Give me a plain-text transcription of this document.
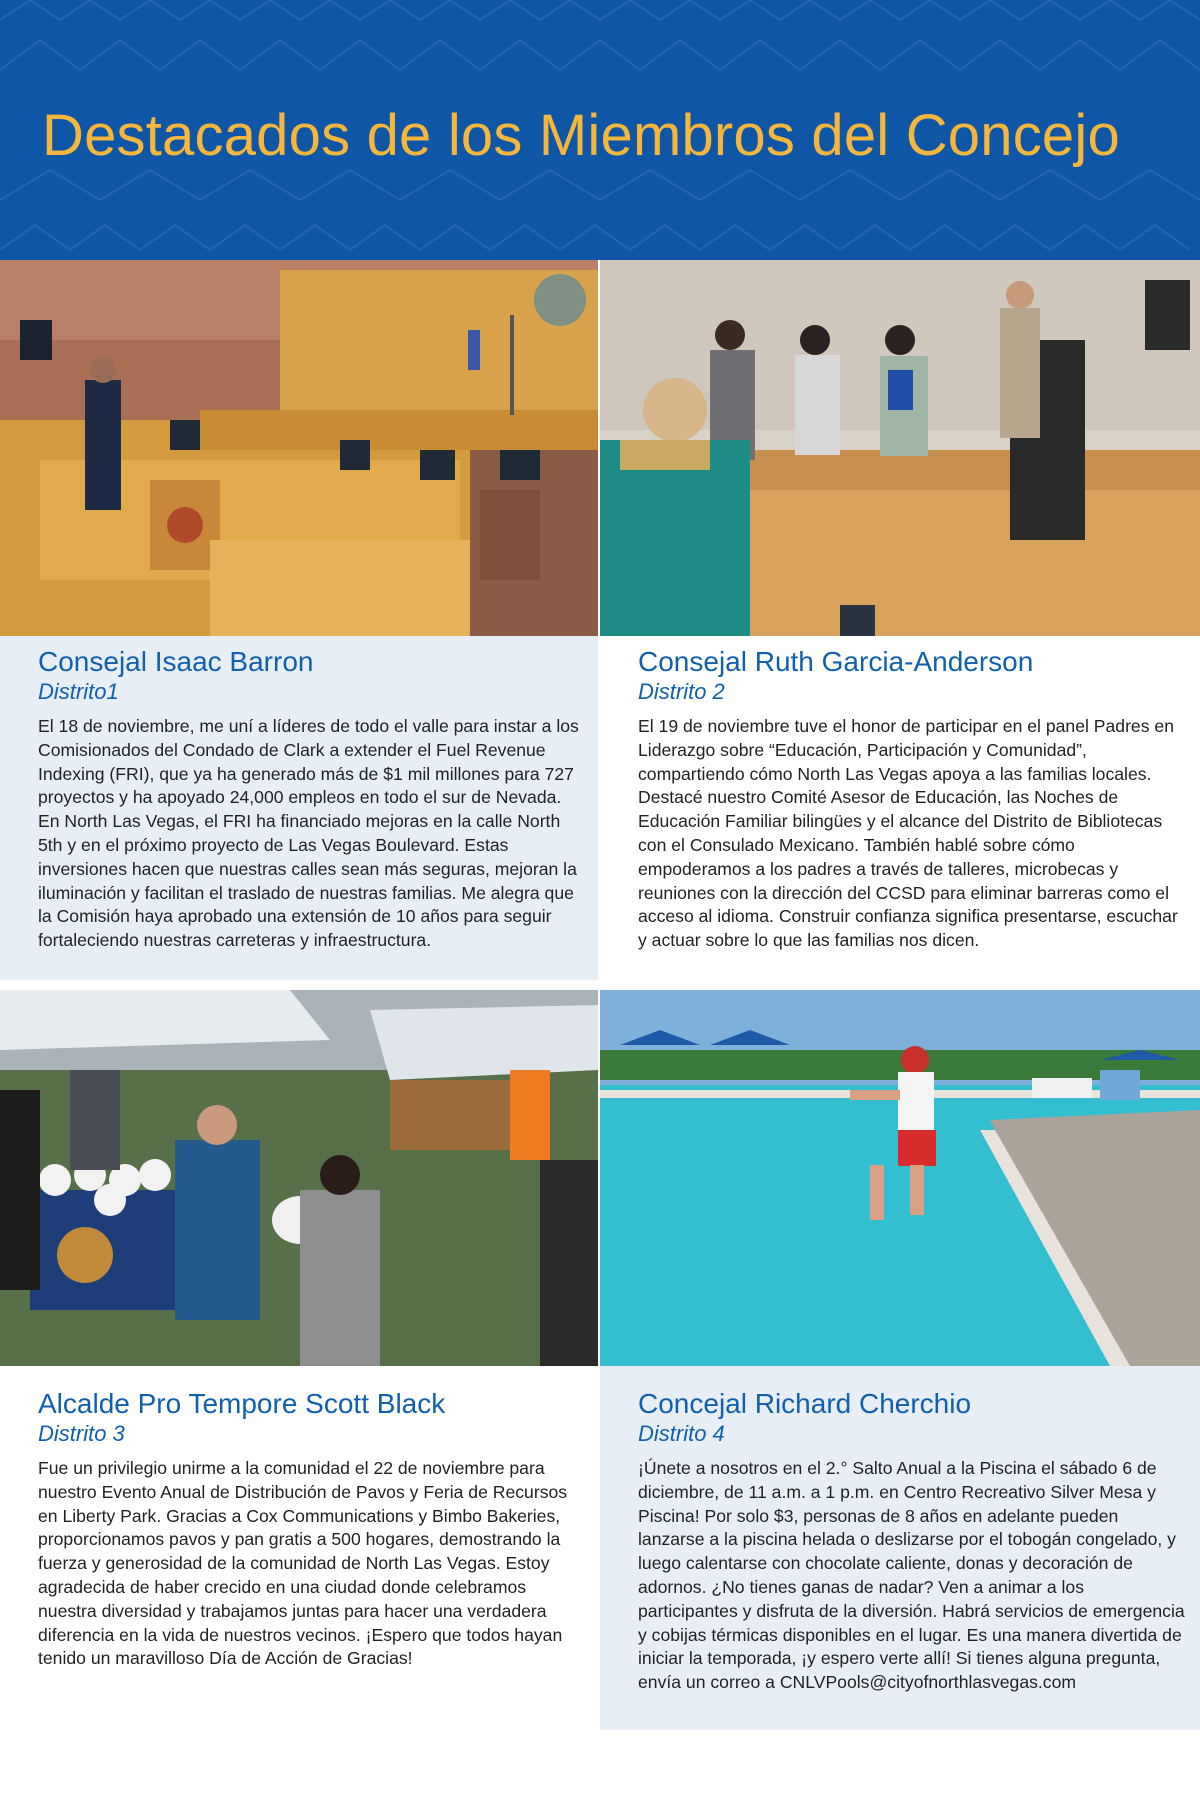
Destacados de los Miembros del Concejo
Consejal Isaac Barron
Distrito1

El 18 de noviembre, me uní a líderes de todo el valle para instar a los Comisionados del Condado de Clark a extender el Fuel Revenue Indexing (FRI), que ya ha generado más de $1 mil millones para 727 proyectos y ha apoyado 24,000 empleos en todo el sur de Nevada. En North Las Vegas, el FRI ha financiado mejoras en la calle North 5th y en el próximo proyecto de Las Vegas Boulevard. Estas inversiones hacen que nuestras calles sean más seguras, mejoran la iluminación y facilitan el traslado de nuestras familias. Me alegra que la Comisión haya aprobado una extensión de 10 años para seguir fortaleciendo nuestras carreteras y infraestructura.

Consejal Ruth Garcia-Anderson
Distrito 2

El 19 de noviembre tuve el honor de participar en el panel Padres en Liderazgo sobre “Educación, Participación y Comunidad”, compartiendo cómo North Las Vegas apoya a las familias locales. Destacé nuestro Comité Asesor de Educación, las Noches de Educación Familiar bilingües y el alcance del Distrito de Bibliotecas con el Consulado Mexicano. También hablé sobre cómo empoderamos a los padres a través de talleres, microbecas y reuniones con la dirección del CCSD para eliminar barreras como el acceso al idioma. Construir confianza significa presentarse, escuchar y actuar sobre lo que las familias nos dicen.

Alcalde Pro Tempore Scott Black
Distrito 3

Fue un privilegio unirme a la comunidad el 22 de noviembre para nuestro Evento Anual de Distribución de Pavos y Feria de Recursos en Liberty Park. Gracias a Cox Communications y Bimbo Bakeries, proporcionamos pavos y pan gratis a 500 hogares, demostrando la fuerza y generosidad de la comunidad de North Las Vegas. Estoy agradecida de haber crecido en una ciudad donde celebramos nuestra diversidad y trabajamos juntas para hacer una verdadera diferencia en la vida de nuestros vecinos. ¡Espero que todos hayan tenido un maravilloso Día de Acción de Gracias!

Concejal Richard Cherchio
Distrito 4

¡Únete a nosotros en el 2.° Salto Anual a la Piscina el sábado 6 de diciembre, de 11 a.m. a 1 p.m. en Centro Recreativo Silver Mesa y Piscina! Por solo $3, personas de 8 años en adelante pueden lanzarse a la piscina helada o deslizarse por el tobogán congelado, y luego calentarse con chocolate caliente, donas y decoración de adornos. ¿No tienes ganas de nadar? Ven a animar a los participantes y disfruta de la diversión. Habrá servicios de emergencia y cobijas térmicas disponibles en el lugar. Es una manera divertida de iniciar la temporada, ¡y espero verte allí! Si tienes alguna pregunta, envía un correo a CNLVPools@cityofnorthlasvegas.com
